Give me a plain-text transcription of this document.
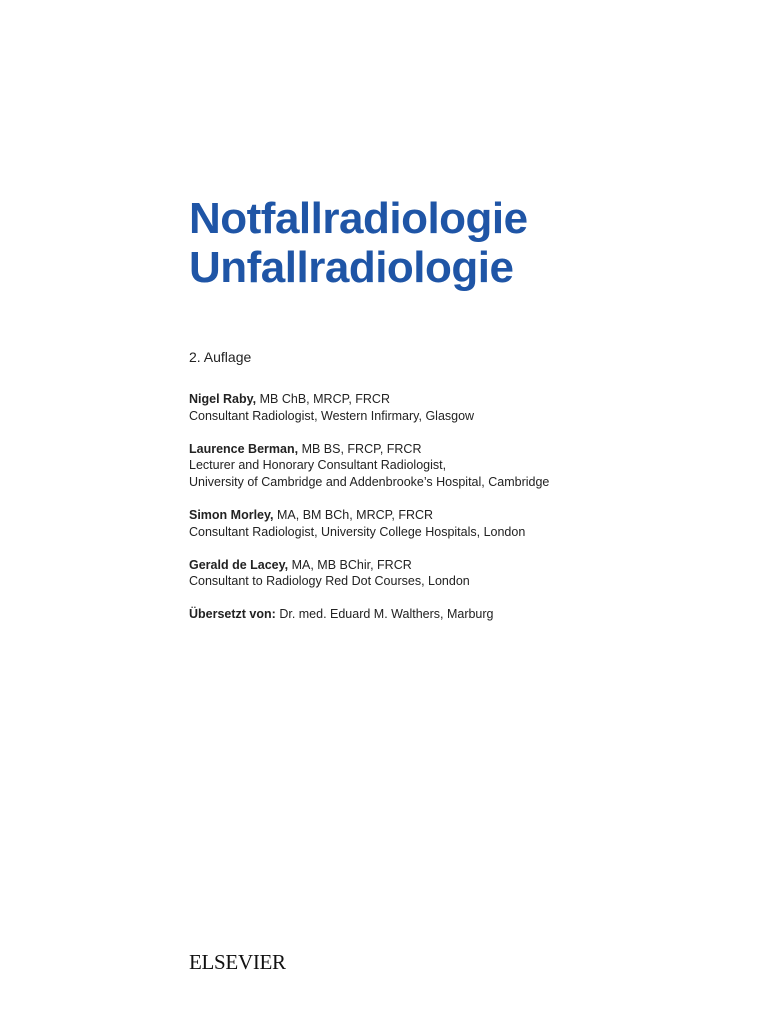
Notfallradiologie
Unfallradiologie
2. Auflage
Nigel Raby, MB ChB, MRCP, FRCR
Consultant Radiologist, Western Infirmary, Glasgow
Laurence Berman, MB BS, FRCP, FRCR
Lecturer and Honorary Consultant Radiologist,
University of Cambridge and Addenbrooke’s Hospital, Cambridge
Simon Morley, MA, BM BCh, MRCP, FRCR
Consultant Radiologist, University College Hospitals, London
Gerald de Lacey, MA, MB BChir, FRCR
Consultant to Radiology Red Dot Courses, London
Übersetzt von: Dr. med. Eduard M. Walthers, Marburg
ELSEVIER
